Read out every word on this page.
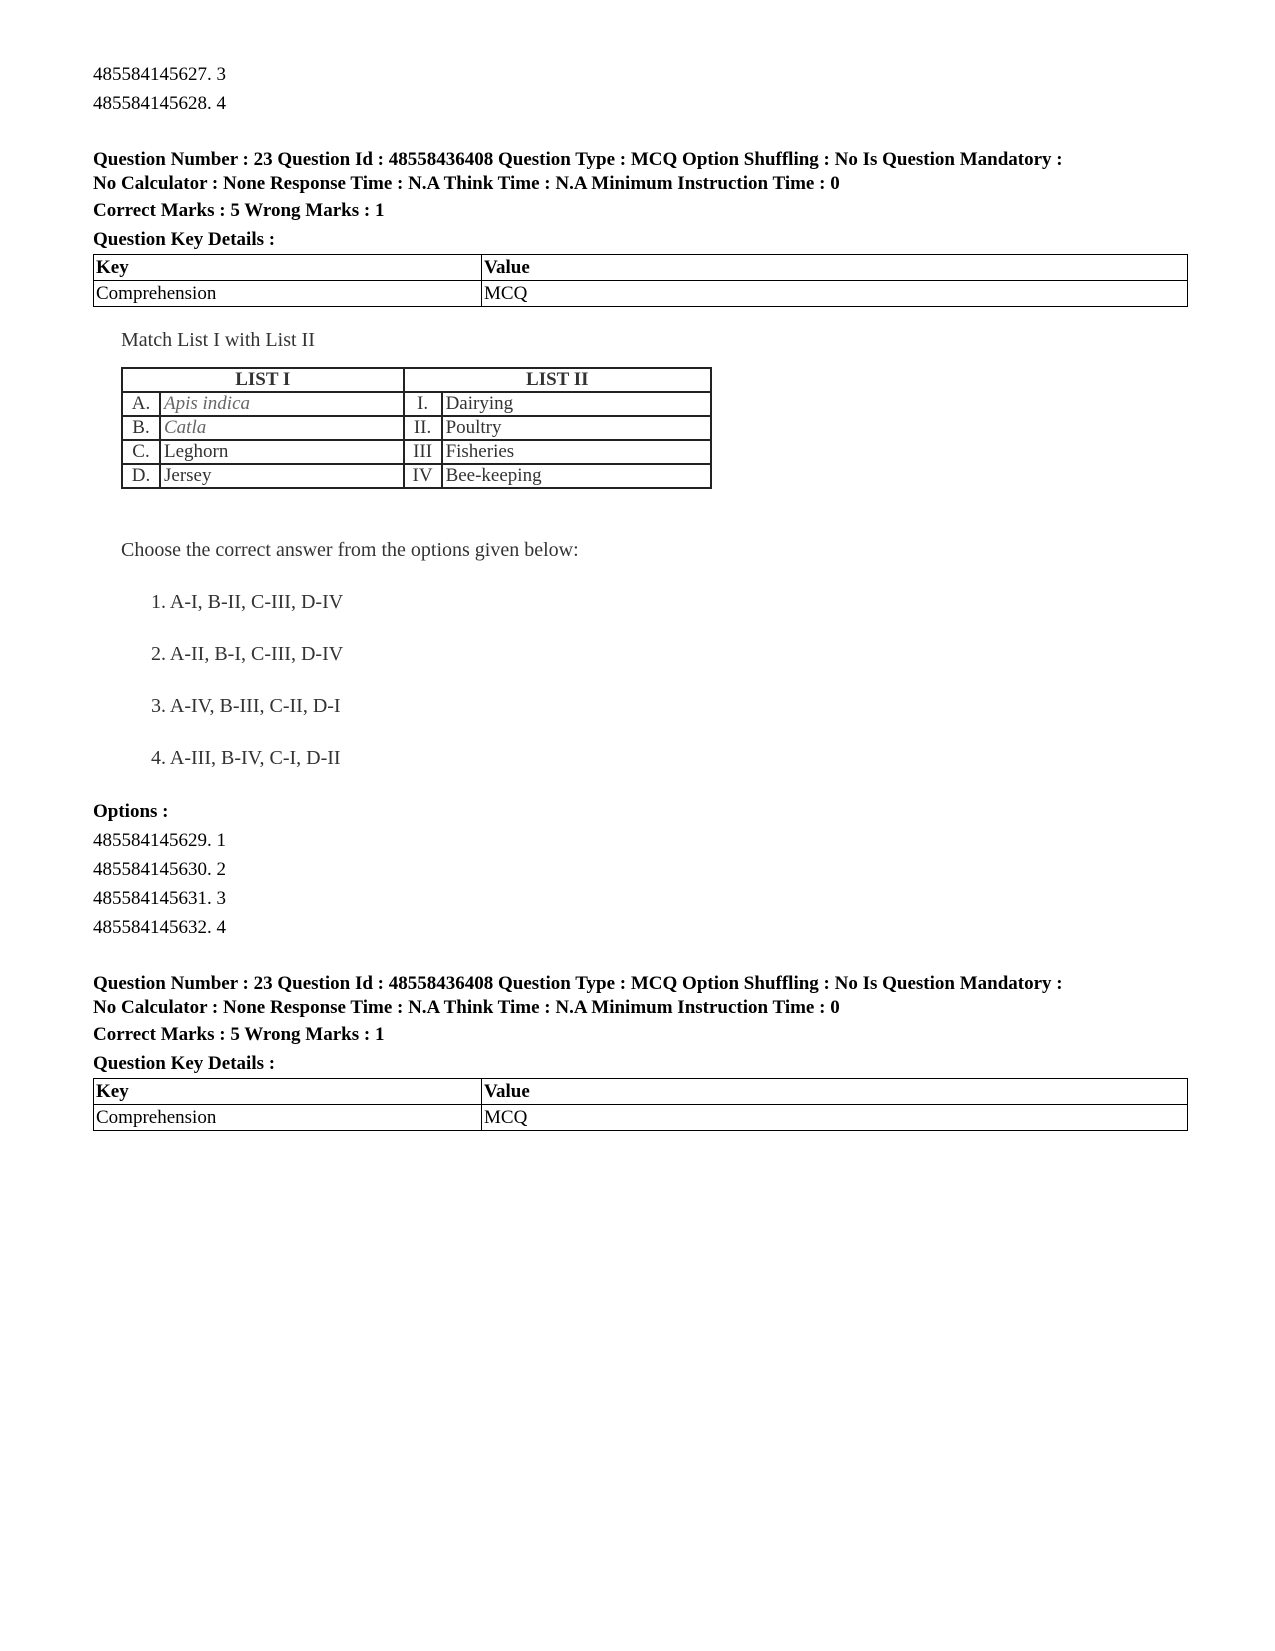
485584145627. 3
485584145628. 4
Question Number : 23 Question Id : 48558436408 Question Type : MCQ Option Shuffling : No Is Question Mandatory :
No Calculator : None Response Time : N.A Think Time : N.A Minimum Instruction Time : 0
Correct Marks : 5 Wrong Marks : 1
Question Key Details :
Key	Value
Comprehension	MCQ
Match List I with List II
LIST I		LIST II	
A.	Apis indica	I.	Dairying
B.	Catla	II.	Poultry
C.	Leghorn	III	Fisheries
D.	Jersey	IV	Bee-keeping
Choose the correct answer from the options given below:
1. A-I, B-II, C-III, D-IV
2. A-II, B-I, C-III, D-IV
3. A-IV, B-III, C-II, D-I
4. A-III, B-IV, C-I, D-II
Options :
485584145629. 1
485584145630. 2
485584145631. 3
485584145632. 4
Question Number : 23 Question Id : 48558436408 Question Type : MCQ Option Shuffling : No Is Question Mandatory :
No Calculator : None Response Time : N.A Think Time : N.A Minimum Instruction Time : 0
Correct Marks : 5 Wrong Marks : 1
Question Key Details :
Key	Value
Comprehension	MCQ
